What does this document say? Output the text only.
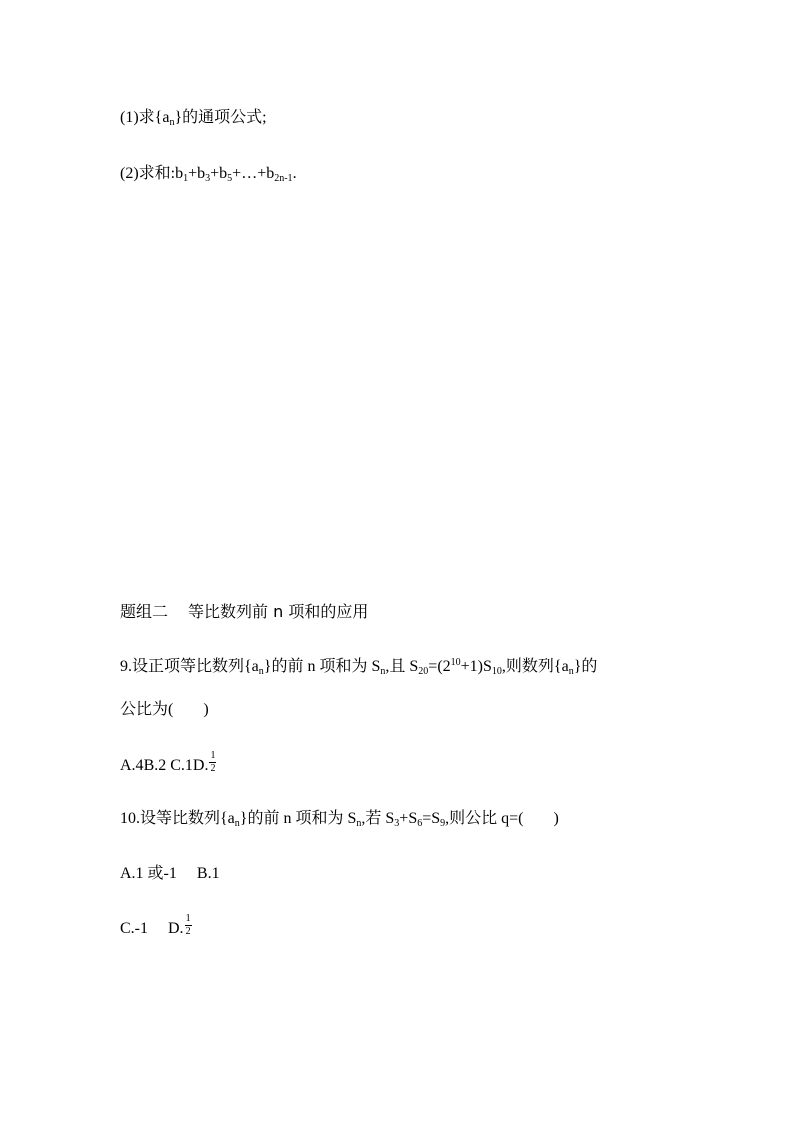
(1)求$\{a_n\}$的通项公式;
(2)求和$:b_1+b_3+b_5+\dots+b_{2n-1}$.
题组二 等比数列前 n 项和的应用
9.设正项等比数列$\{a_n\}$的前 n 项和为 $S_n$,且 $S_{20}=(2^{10}+1)S_{10}$,则数列$\{a_n\}$的
公比为( )
A.4B.2 C.1D. $\frac{1}{2}$
10.设等比数列$\{a_n\}$的前 n 项和为 $S_n$,若 $S_3+S_6=S_9$,则公比 q=( )
A.1 或-1 B.1
C.-1 D. $\frac{1}{2}$
